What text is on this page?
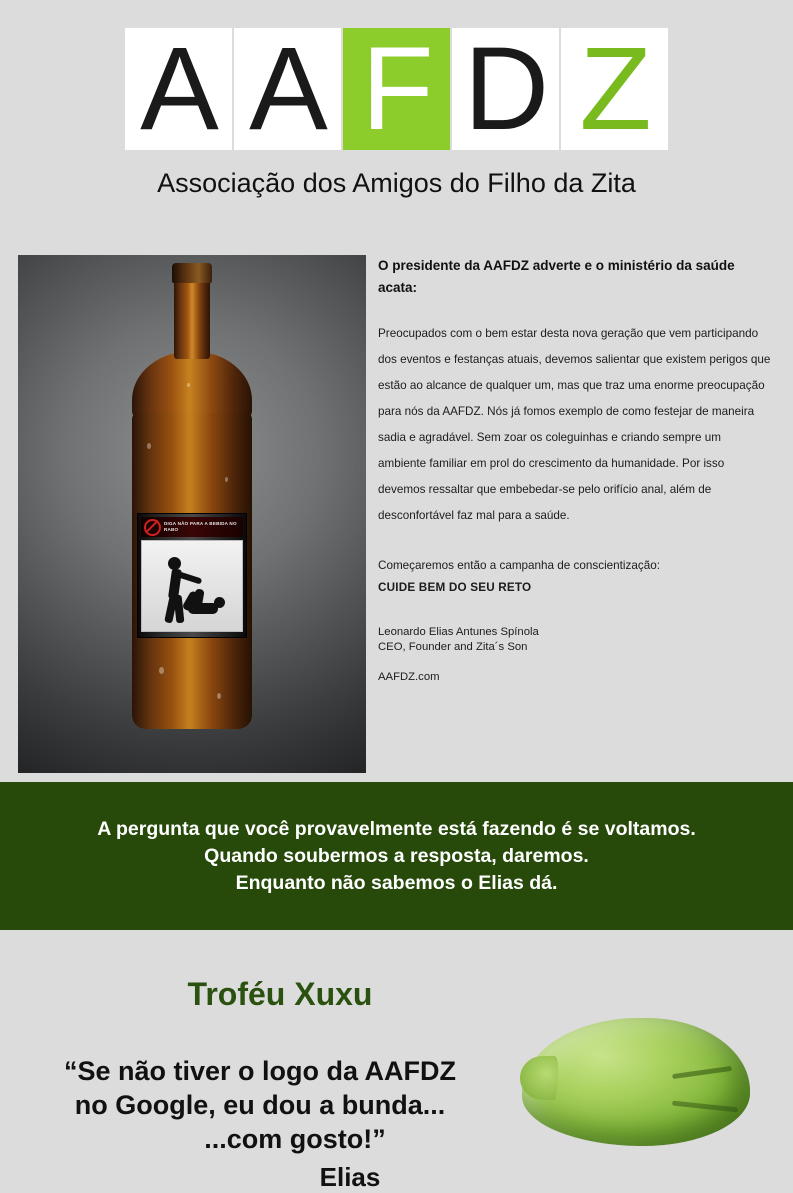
A A F D Z
Associação dos Amigos do Filho da Zita
DIGA NÃO PARA A BEBIDA NO RABO

O presidente da AAFDZ adverte e o ministério da saúde acata:

Preocupados com o bem estar desta nova geração que vem participando dos eventos e festanças atuais, devemos salientar que existem perigos que estão ao alcance de qualquer um, mas que traz uma enorme preocupação para nós da AAFDZ. Nós já fomos exemplo de como festejar de maneira sadia e agradável. Sem zoar os coleguinhas e criando sempre um ambiente familiar em prol do crescimento da humanidade. Por isso devemos ressaltar que embebedar-se pelo orifício anal, além de desconfortável faz mal para a saúde.

Começaremos então a campanha de conscientização:
CUIDE BEM DO SEU RETO
Leonardo Elias Antunes Spínola
CEO, Founder and Zita´s Son
AAFDZ.com
A pergunta que você provavelmente está fazendo é se voltamos.
Quando soubermos a resposta, daremos.
Enquanto não sabemos o Elias dá.
Troféu Xuxu
“Se não tiver o logo da AAFDZ
no Google, eu dou a bunda...
...com gosto!”
Elias
